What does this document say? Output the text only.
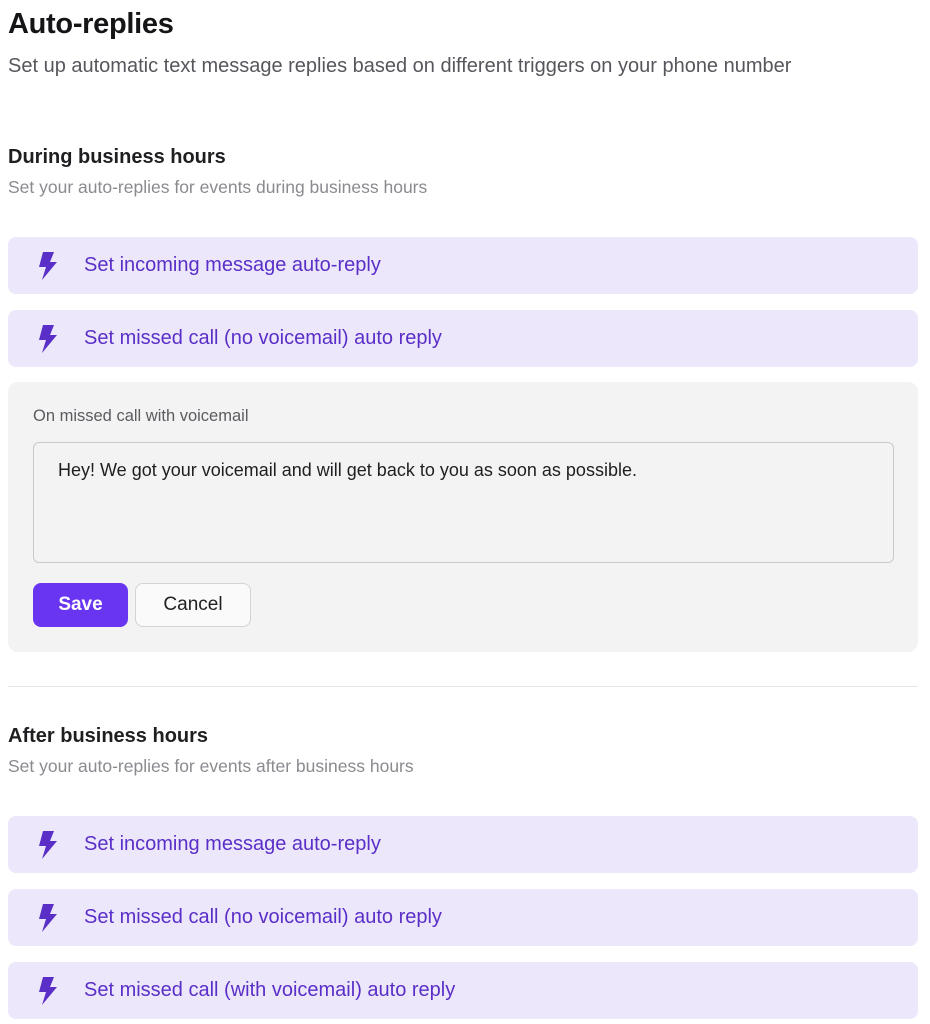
Auto-replies

Set up automatic text message replies based on different triggers on your phone number

During business hours

Set your auto-replies for events during business hours

Set incoming message auto-reply
Set missed call (no voicemail) auto reply
On missed call with voicemail
Hey! We got your voicemail and will get back to you as soon as possible.
Save	Cancel
After business hours

Set your auto-replies for events after business hours

Set incoming message auto-reply
Set missed call (no voicemail) auto reply
Set missed call (with voicemail) auto reply
